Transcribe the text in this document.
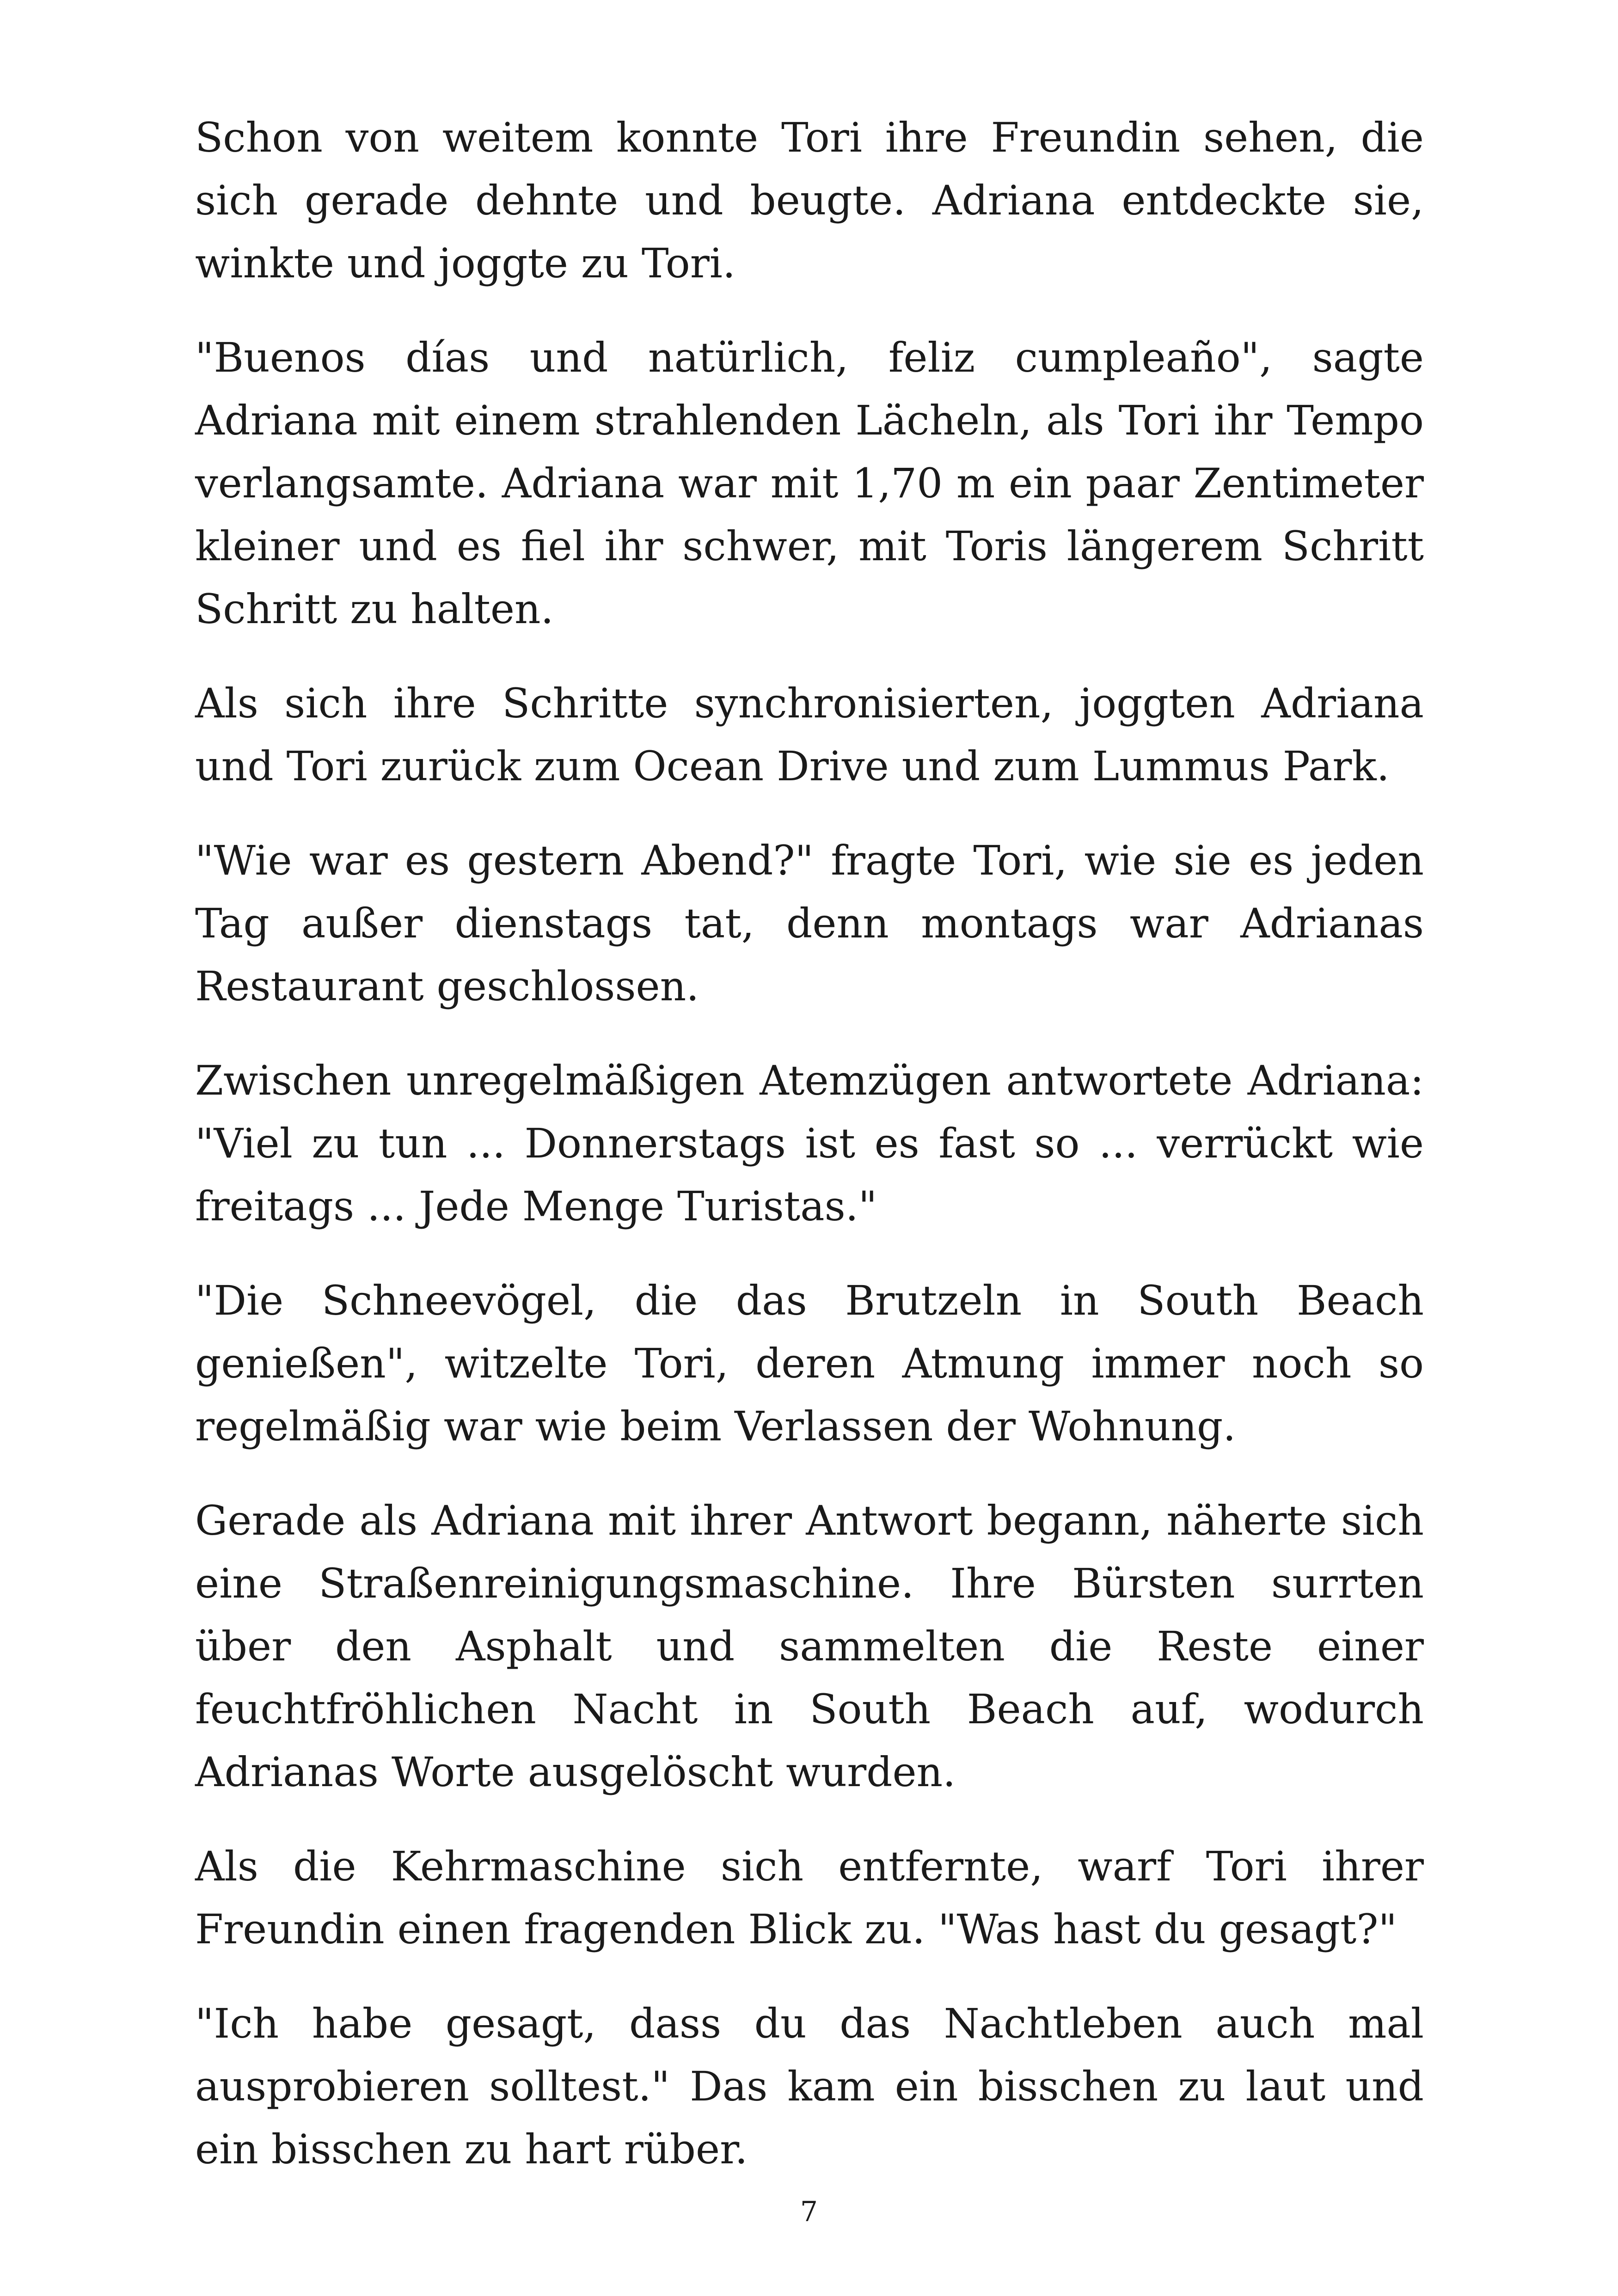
Schon von weitem konnte Tori ihre Freundin sehen, die sich gerade dehnte und beugte. Adriana entdeckte sie, winkte und joggte zu Tori.

"Buenos días und natürlich, feliz cumpleaño", sagte Adriana mit einem strahlenden Lächeln, als Tori ihr Tempo verlangsamte. Adriana war mit 1,70 m ein paar Zentimeter kleiner und es fiel ihr schwer, mit Toris längerem Schritt Schritt zu halten.

Als sich ihre Schritte synchronisierten, joggten Adriana und Tori zurück zum Ocean Drive und zum Lummus Park.

"Wie war es gestern Abend?" fragte Tori, wie sie es jeden Tag außer dienstags tat, denn montags war Adrianas Restaurant geschlossen.

Zwischen unregelmäßigen Atemzügen antwortete Adriana: "Viel zu tun ... Donnerstags ist es fast so ... verrückt wie freitags ... Jede Menge Turistas."

"Die Schneevögel, die das Brutzeln in South Beach genießen", witzelte Tori, deren Atmung immer noch so regelmäßig war wie beim Verlassen der Wohnung.

Gerade als Adriana mit ihrer Antwort begann, näherte sich eine Straßenreinigungsmaschine. Ihre Bürsten surrten über den Asphalt und sammelten die Reste einer feuchtfröhlichen Nacht in South Beach auf, wodurch Adrianas Worte ausgelöscht wurden.

Als die Kehrmaschine sich entfernte, warf Tori ihrer Freundin einen fragenden Blick zu. "Was hast du gesagt?"

"Ich habe gesagt, dass du das Nachtleben auch mal ausprobieren solltest." Das kam ein bisschen zu laut und ein bisschen zu hart rüber.

7
